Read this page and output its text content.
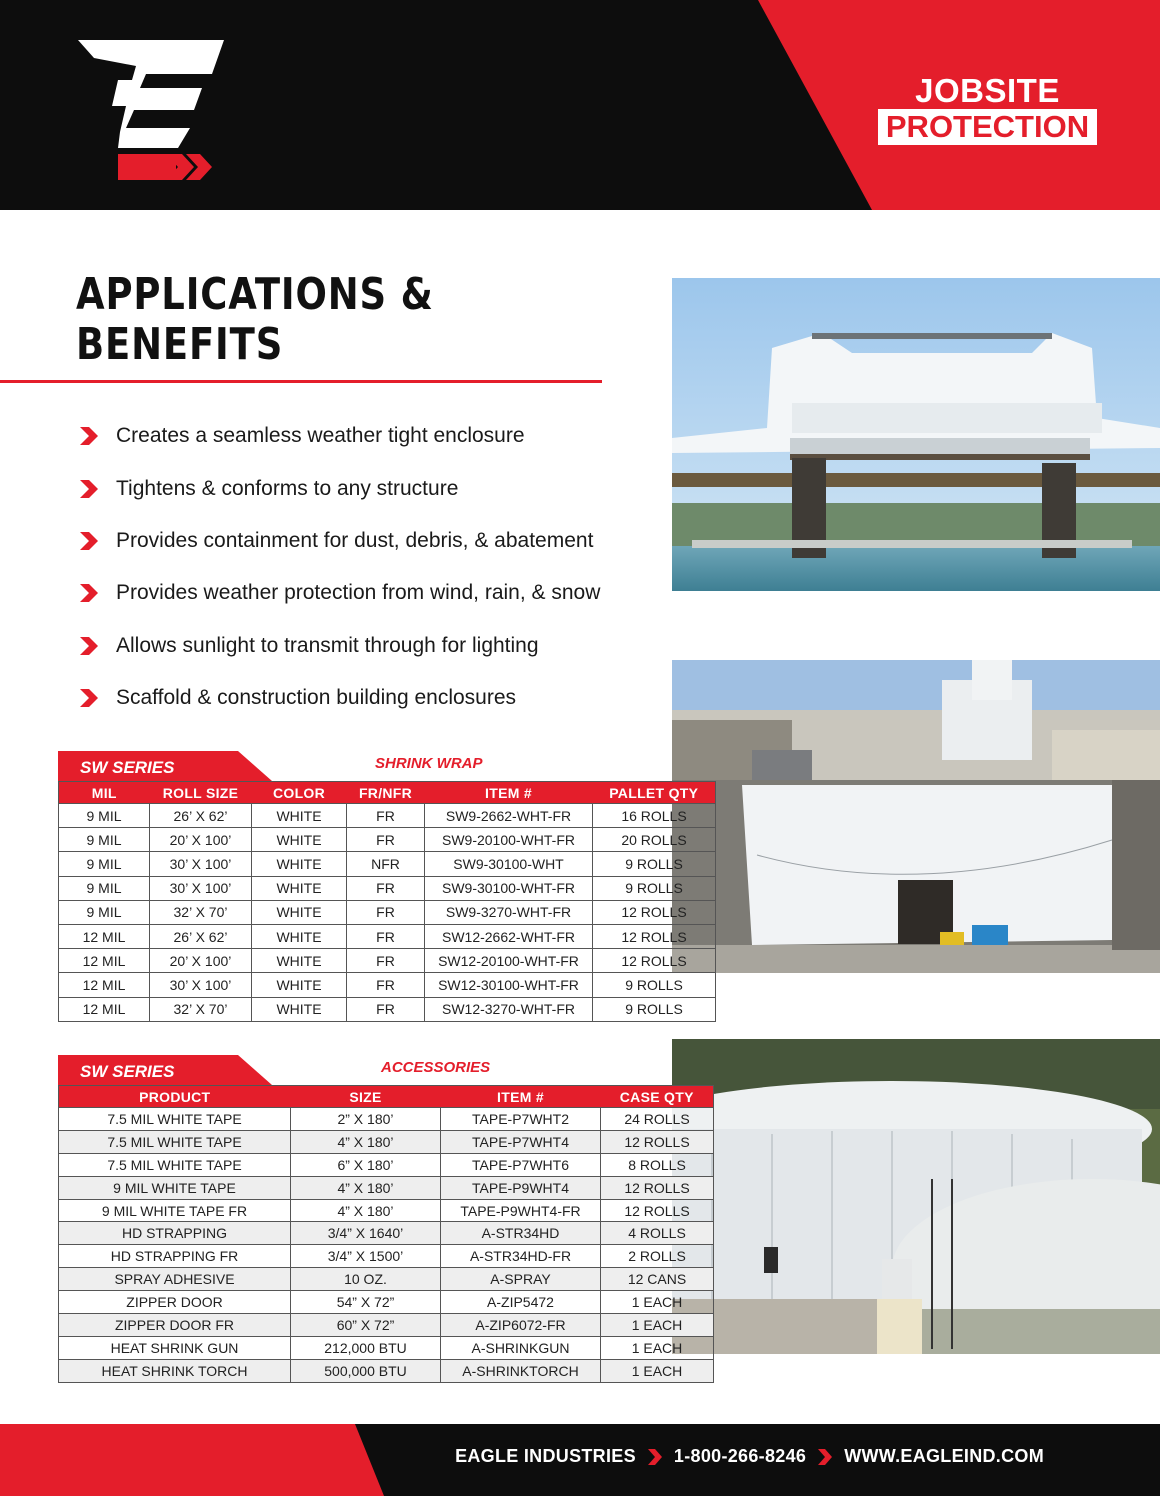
JOBSITE
PROTECTION
APPLICATIONS &
BENEFITS
Creates a seamless weather tight enclosure
Tightens & conforms to any structure
Provides containment for dust, debris, & abatement
Provides weather protection from wind, rain, & snow
Allows sunlight to transmit through for lighting
Scaffold & construction building enclosures
SW SERIES	SHRINK WRAP
MIL	ROLL SIZE	COLOR	FR/NFR	ITEM #	PALLET QTY
9 MIL	26’ X 62’	WHITE	FR	SW9-2662-WHT-FR	16 ROLLS
9 MIL	20’ X 100’	WHITE	FR	SW9-20100-WHT-FR	20 ROLLS
9 MIL	30’ X 100’	WHITE	NFR	SW9-30100-WHT	9 ROLLS
9 MIL	30’ X 100’	WHITE	FR	SW9-30100-WHT-FR	9 ROLLS
9 MIL	32’ X 70’	WHITE	FR	SW9-3270-WHT-FR	12 ROLLS
12 MIL	26’ X 62’	WHITE	FR	SW12-2662-WHT-FR	12 ROLLS
12 MIL	20’ X 100’	WHITE	FR	SW12-20100-WHT-FR	12 ROLLS
12 MIL	30’ X 100’	WHITE	FR	SW12-30100-WHT-FR	9 ROLLS
12 MIL	32’ X 70’	WHITE	FR	SW12-3270-WHT-FR	9 ROLLS
SW SERIES	ACCESSORIES
PRODUCT	SIZE	ITEM #	CASE QTY
7.5 MIL WHITE TAPE	2” X 180’	TAPE-P7WHT2	24 ROLLS
7.5 MIL WHITE TAPE	4” X 180’	TAPE-P7WHT4	12 ROLLS
7.5 MIL WHITE TAPE	6” X 180’	TAPE-P7WHT6	8 ROLLS
9 MIL WHITE TAPE	4” X 180’	TAPE-P9WHT4	12 ROLLS
9 MIL WHITE TAPE FR	4” X 180’	TAPE-P9WHT4-FR	12 ROLLS
HD STRAPPING	3/4” X 1640’	A-STR34HD	4 ROLLS
HD STRAPPING FR	3/4” X 1500’	A-STR34HD-FR	2 ROLLS
SPRAY ADHESIVE	10 OZ.	A-SPRAY	12 CANS
ZIPPER DOOR	54” X 72”	A-ZIP5472	1 EACH
ZIPPER DOOR FR	60” X 72”	A-ZIP6072-FR	1 EACH
HEAT SHRINK GUN	212,000 BTU	A-SHRINKGUN	1 EACH
HEAT SHRINK TORCH	500,000 BTU	A-SHRINKTORCH	1 EACH
EAGLE INDUSTRIES 1-800-266-8246 WWW.EAGLEIND.COM
